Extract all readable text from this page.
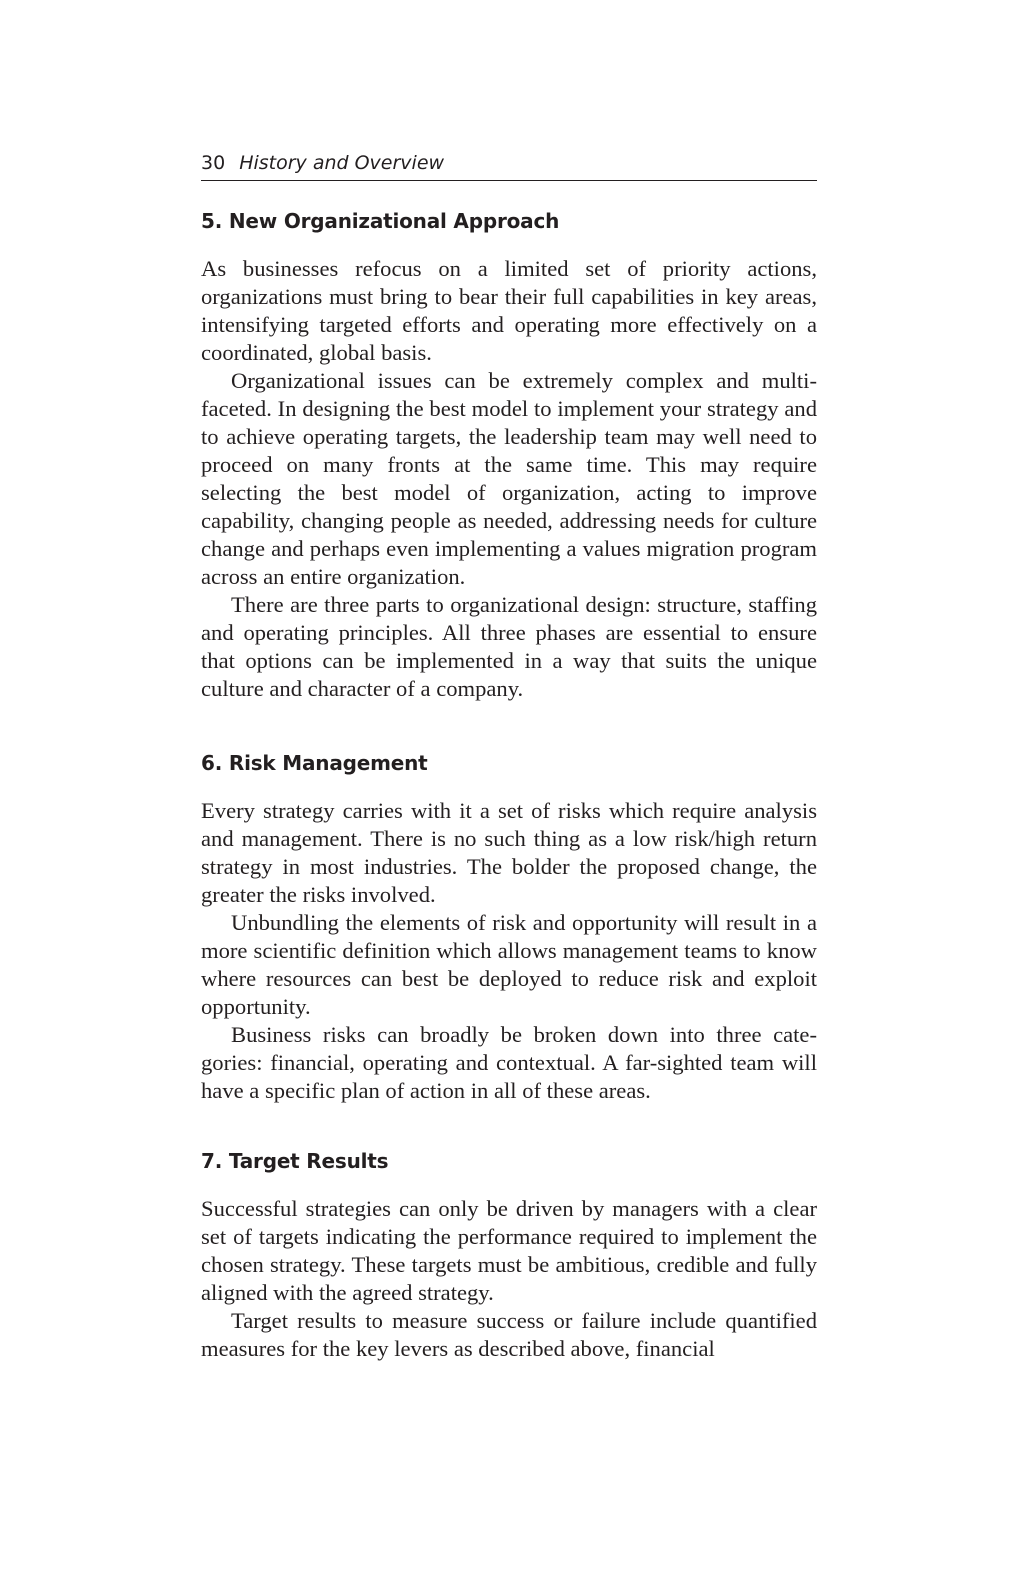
30 History and Overview
5. New Organizational Approach

As businesses refocus on a limited set of priority actions, organizations must bring to bear their full capabilities in key areas, intensifying targeted efforts and operating more effectively on a coordinated, global basis.

Organizational issues can be extremely complex and multifaceted. In designing the best model to implement your strategy and to achieve operating targets, the leadership team may well need to proceed on many fronts at the same time. This may require selecting the best model of organization, acting to improve capability, changing people as needed, addressing needs for culture change and perhaps even implementing a values migration program across an entire organization.

There are three parts to organizational design: structure, staffing and operating principles. All three phases are essential to ensure that options can be implemented in a way that suits the unique culture and character of a company.

6. Risk Management

Every strategy carries with it a set of risks which require analysis and management. There is no such thing as a low risk/high return strategy in most industries. The bolder the proposed change, the greater the risks involved.

Unbundling the elements of risk and opportunity will result in a more scientific definition which allows management teams to know where resources can best be deployed to reduce risk and exploit opportunity.

Business risks can broadly be broken down into three categories: financial, operating and contextual. A far-sighted team will have a specific plan of action in all of these areas.

7. Target Results

Successful strategies can only be driven by managers with a clear set of targets indicating the performance required to implement the chosen strategy. These targets must be ambitious, credible and fully aligned with the agreed strategy.

Target results to measure success or failure include quantified measures for the key levers as described above, financial
